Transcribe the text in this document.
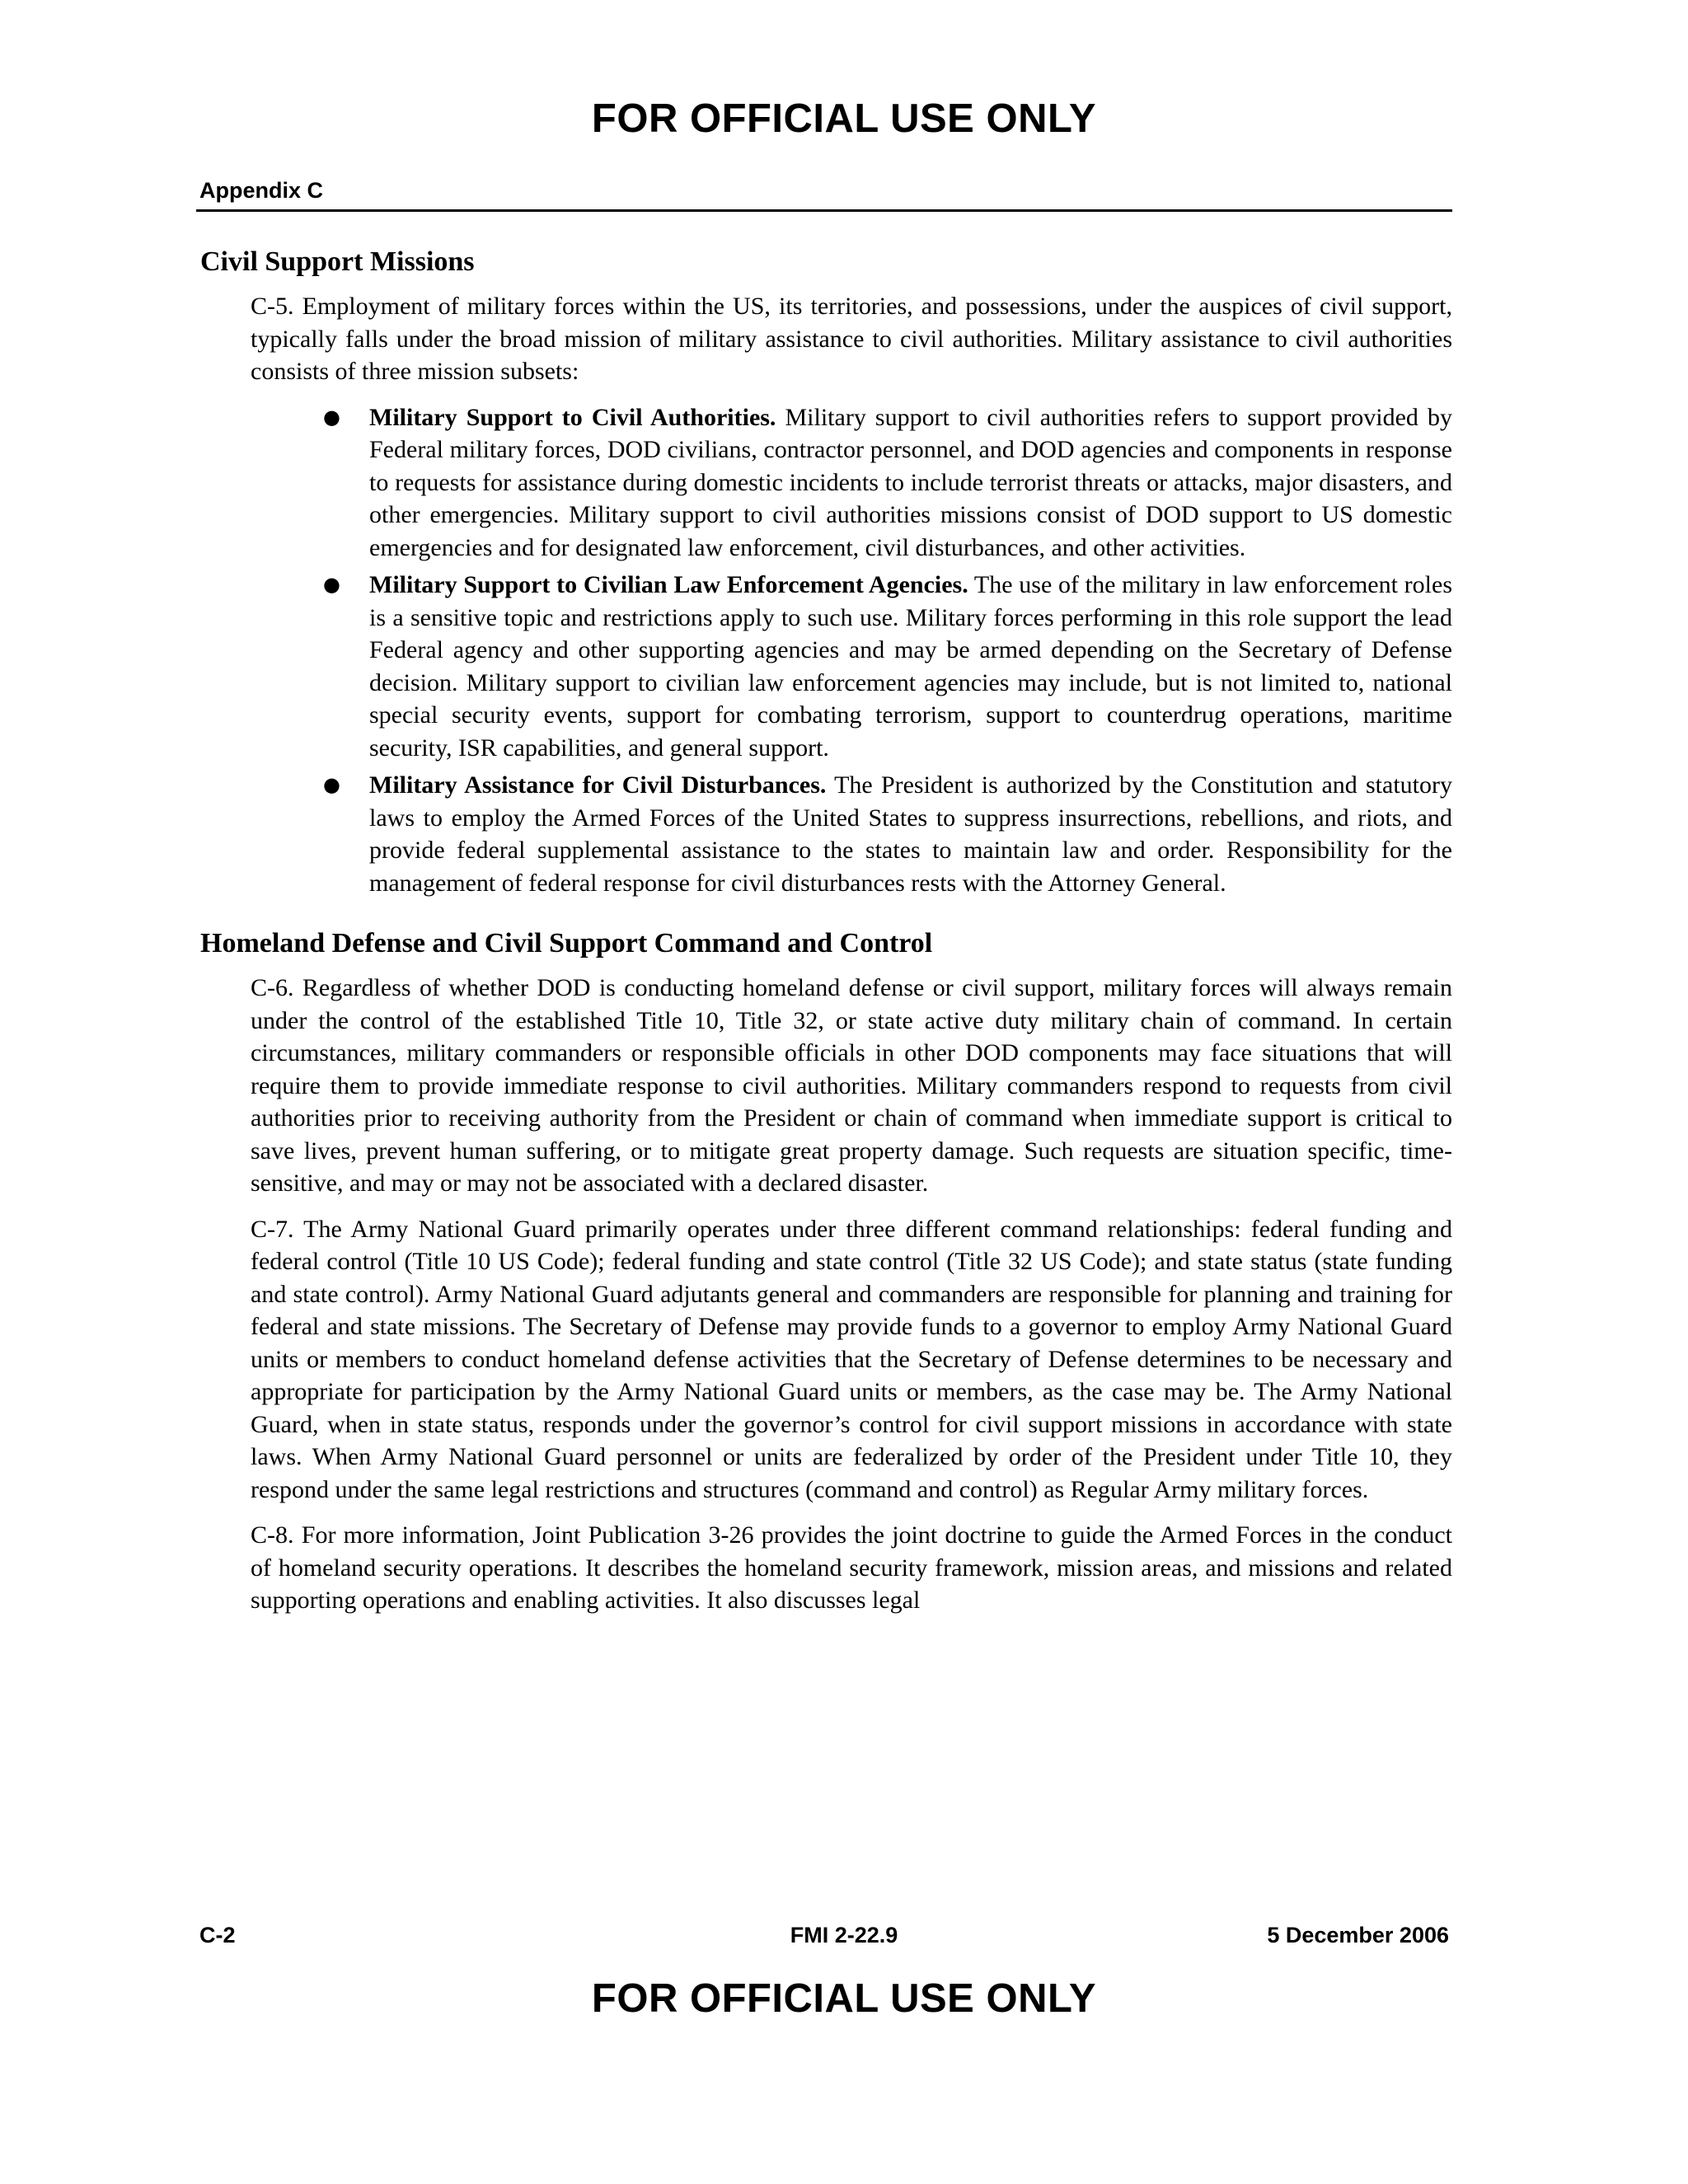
FOR OFFICIAL USE ONLY
Appendix C
Civil Support Missions

C-5. Employment of military forces within the US, its territories, and possessions, under the auspices of civil support, typically falls under the broad mission of military assistance to civil authorities. Military assistance to civil authorities consists of three mission subsets:

● Military Support to Civil Authorities. Military support to civil authorities refers to support provided by Federal military forces, DOD civilians, contractor personnel, and DOD agencies and components in response to requests for assistance during domestic incidents to include terrorist threats or attacks, major disasters, and other emergencies. Military support to civil authorities missions consist of DOD support to US domestic emergencies and for designated law enforcement, civil disturbances, and other activities.
● Military Support to Civilian Law Enforcement Agencies. The use of the military in law enforcement roles is a sensitive topic and restrictions apply to such use. Military forces performing in this role support the lead Federal agency and other supporting agencies and may be armed depending on the Secretary of Defense decision. Military support to civilian law enforcement agencies may include, but is not limited to, national special security events, support for combating terrorism, support to counterdrug operations, maritime security, ISR capabilities, and general support.
● Military Assistance for Civil Disturbances. The President is authorized by the Constitution and statutory laws to employ the Armed Forces of the United States to suppress insurrections, rebellions, and riots, and provide federal supplemental assistance to the states to maintain law and order. Responsibility for the management of federal response for civil disturbances rests with the Attorney General.
Homeland Defense and Civil Support Command and Control

C-6. Regardless of whether DOD is conducting homeland defense or civil support, military forces will always remain under the control of the established Title 10, Title 32, or state active duty military chain of command. In certain circumstances, military commanders or responsible officials in other DOD components may face situations that will require them to provide immediate response to civil authorities. Military commanders respond to requests from civil authorities prior to receiving authority from the President or chain of command when immediate support is critical to save lives, prevent human suffering, or to mitigate great property damage. Such requests are situation specific, time-sensitive, and may or may not be associated with a declared disaster.

C-7. The Army National Guard primarily operates under three different command relationships: federal funding and federal control (Title 10 US Code); federal funding and state control (Title 32 US Code); and state status (state funding and state control). Army National Guard adjutants general and commanders are responsible for planning and training for federal and state missions. The Secretary of Defense may provide funds to a governor to employ Army National Guard units or members to conduct homeland defense activities that the Secretary of Defense determines to be necessary and appropriate for participation by the Army National Guard units or members, as the case may be. The Army National Guard, when in state status, responds under the governor’s control for civil support missions in accordance with state laws. When Army National Guard personnel or units are federalized by order of the President under Title 10, they respond under the same legal restrictions and structures (command and control) as Regular Army military forces.

C-8. For more information, Joint Publication 3-26 provides the joint doctrine to guide the Armed Forces in the conduct of homeland security operations. It describes the homeland security framework, mission areas, and missions and related supporting operations and enabling activities. It also discusses legal

C-2	FMI 2-22.9	5 December 2006
FOR OFFICIAL USE ONLY
